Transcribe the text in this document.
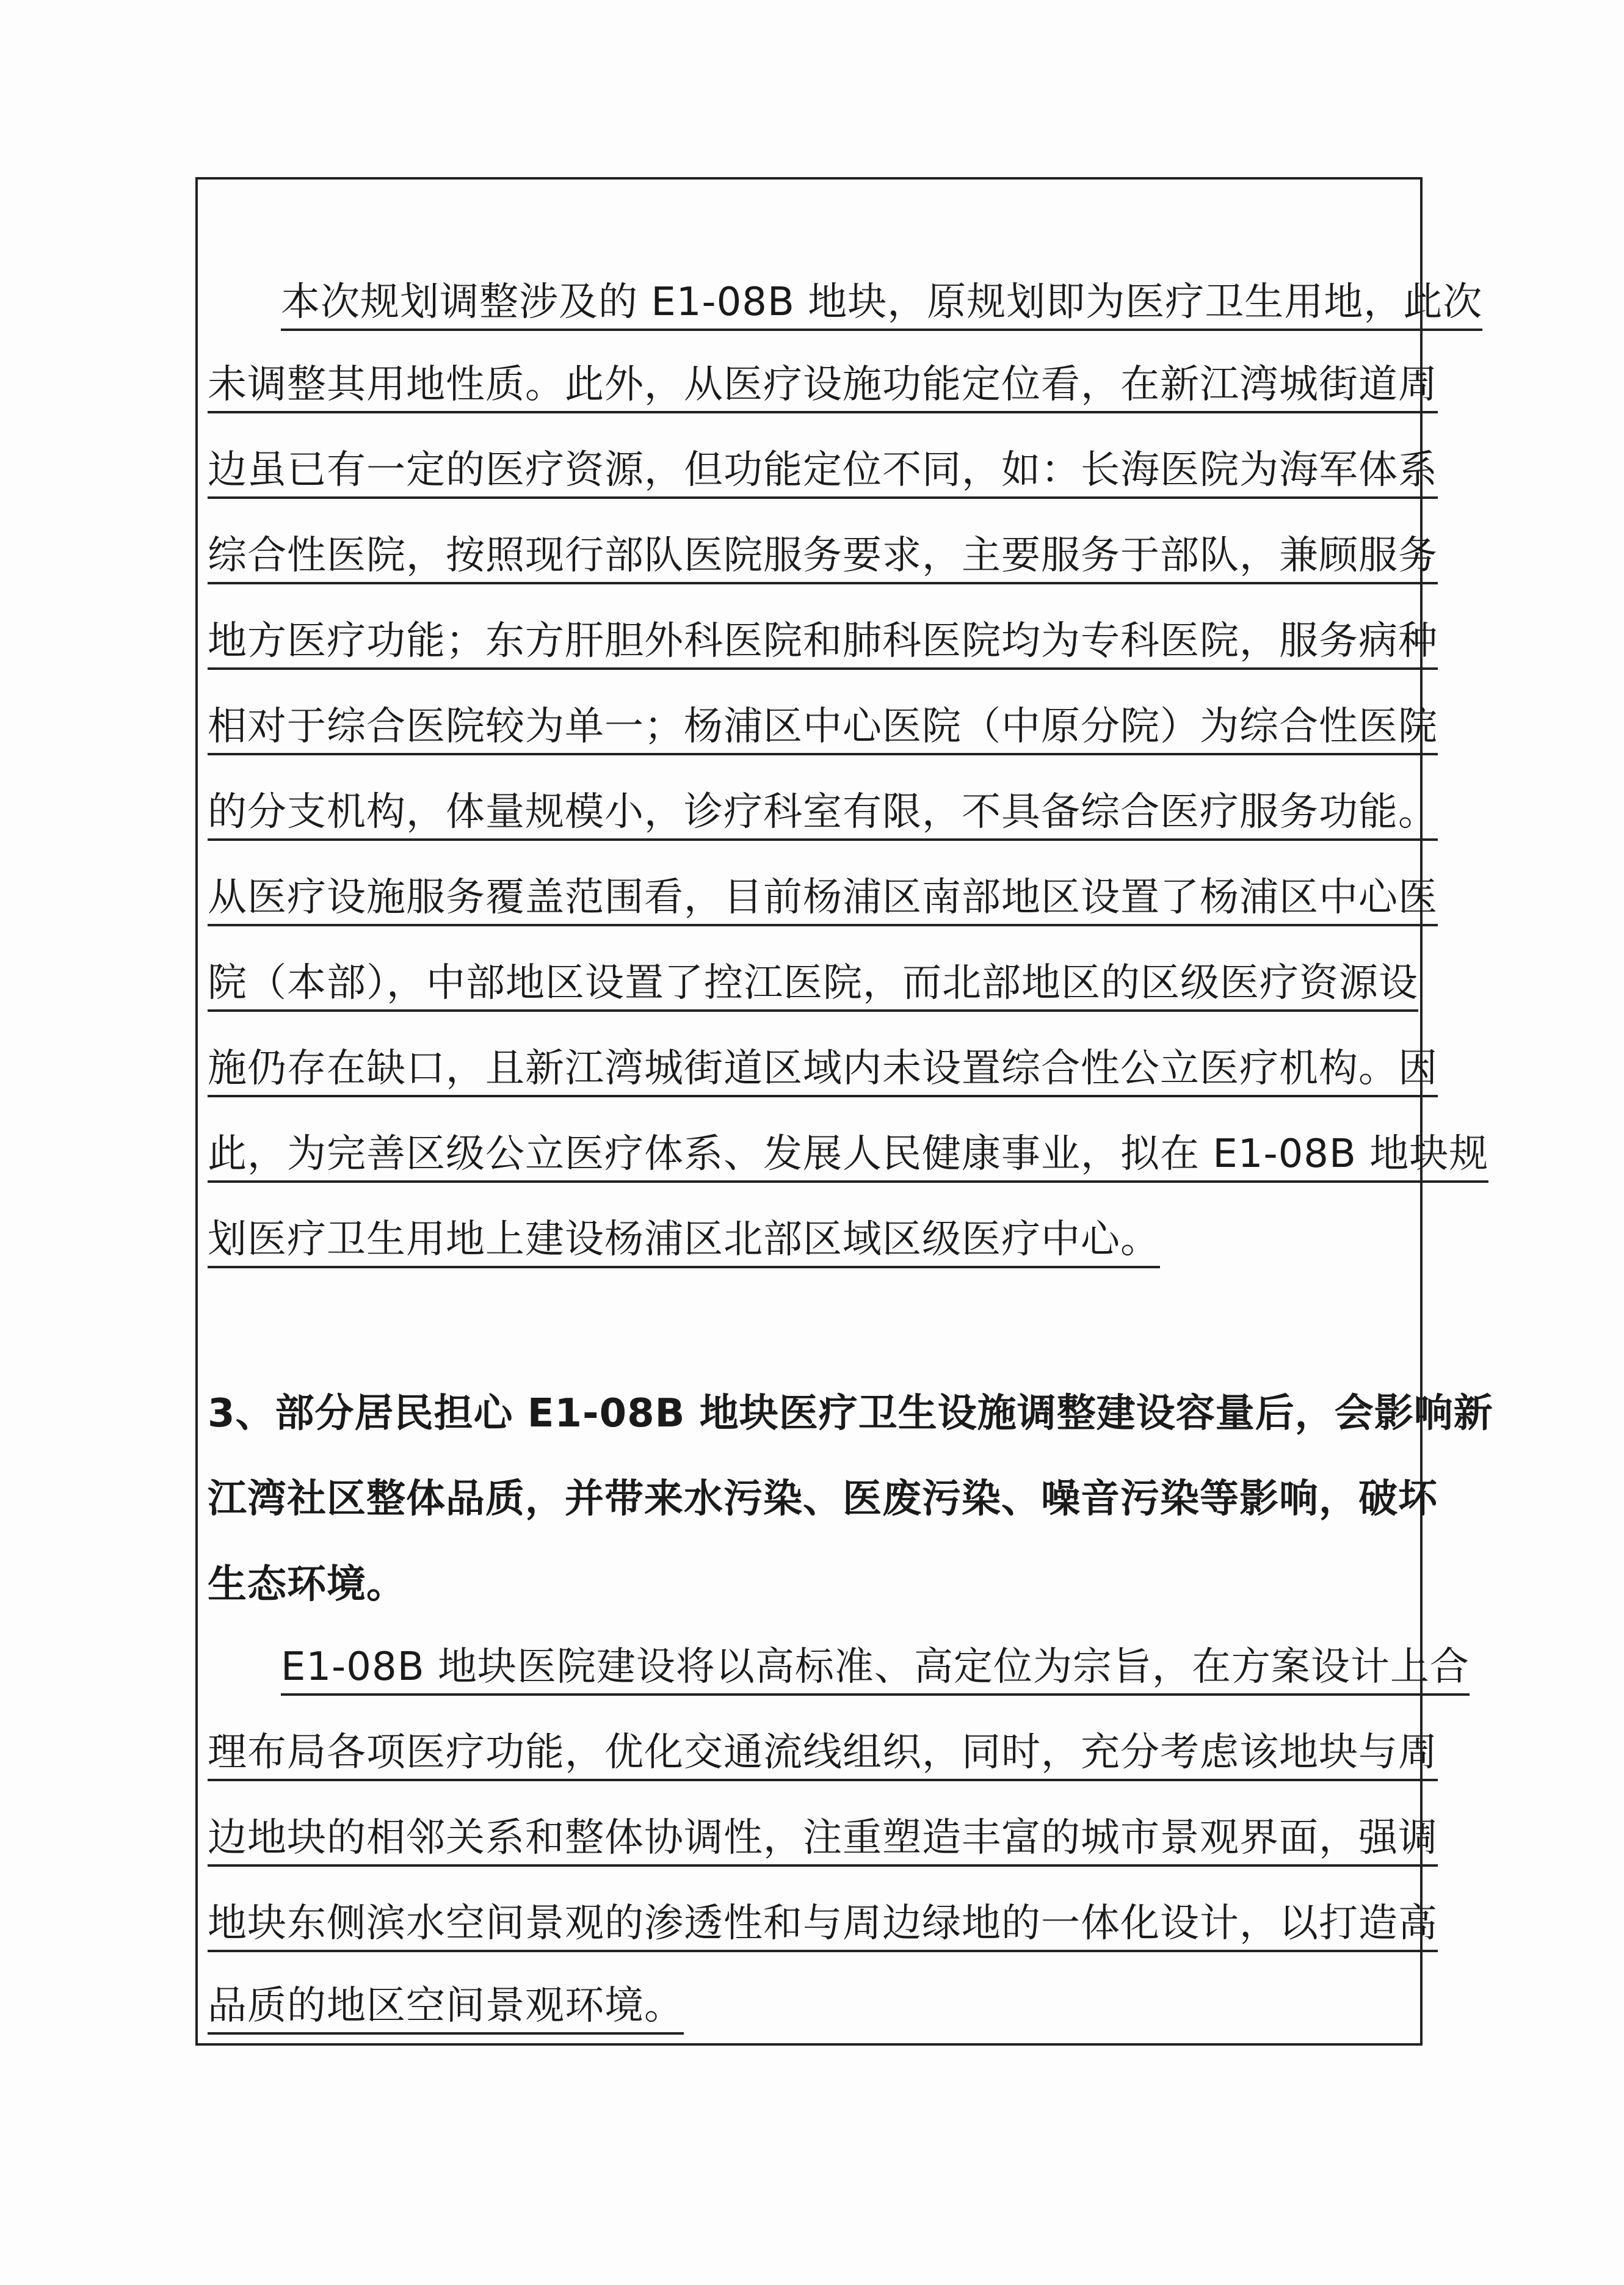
本次规划调整涉及的 E1-08B 地块，原规划即为医疗卫生用地，此次
未调整其用地性质。此外，从医疗设施功能定位看，在新江湾城街道周
边虽已有一定的医疗资源，但功能定位不同，如：长海医院为海军体系
综合性医院，按照现行部队医院服务要求，主要服务于部队，兼顾服务
地方医疗功能；东方肝胆外科医院和肺科医院均为专科医院，服务病种
相对于综合医院较为单一；杨浦区中心医院（中原分院）为综合性医院
的分支机构，体量规模小，诊疗科室有限，不具备综合医疗服务功能。
从医疗设施服务覆盖范围看，目前杨浦区南部地区设置了杨浦区中心医
院（本部），中部地区设置了控江医院，而北部地区的区级医疗资源设
施仍存在缺口，且新江湾城街道区域内未设置综合性公立医疗机构。因
此，为完善区级公立医疗体系、发展人民健康事业，拟在 E1-08B 地块规
划医疗卫生用地上建设杨浦区北部区域区级医疗中心。
3、部分居民担心 E1-08B 地块医疗卫生设施调整建设容量后，会影响新
江湾社区整体品质，并带来水污染、医废污染、噪音污染等影响，破坏
生态环境。
E1-08B 地块医院建设将以高标准、高定位为宗旨，在方案设计上合
理布局各项医疗功能，优化交通流线组织，同时，充分考虑该地块与周
边地块的相邻关系和整体协调性，注重塑造丰富的城市景观界面，强调
地块东侧滨水空间景观的渗透性和与周边绿地的一体化设计，以打造高
品质的地区空间景观环境。
